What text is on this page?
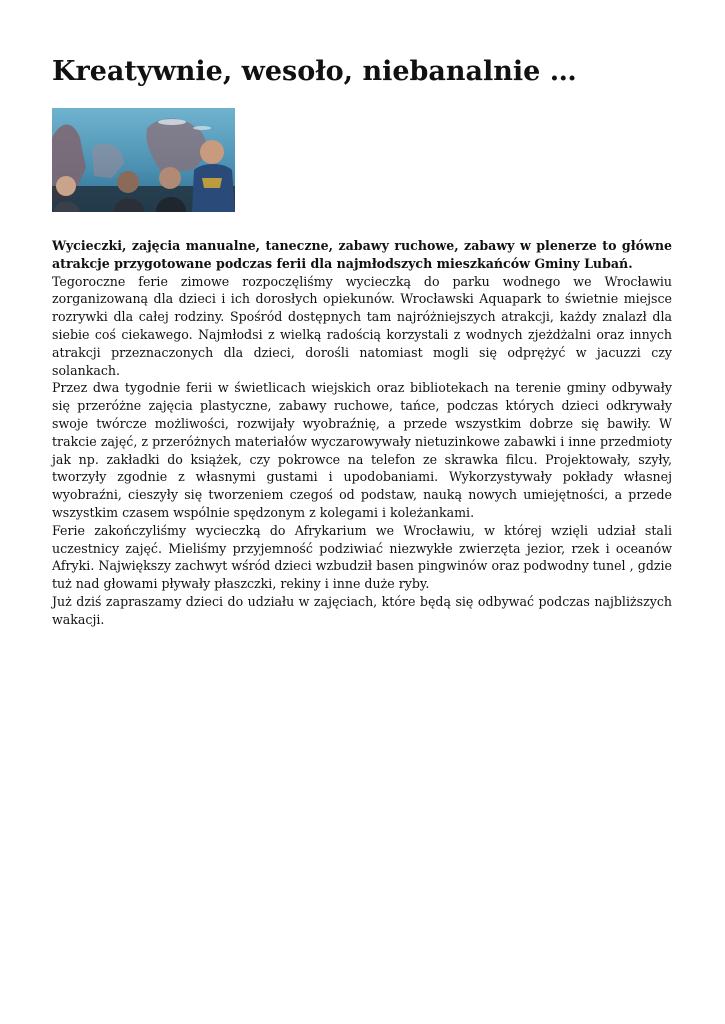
Kreatywnie, wesoło, niebanalnie …

Wycieczki, zajęcia manualne, taneczne, zabawy ruchowe, zabawy w plenerze to główne atrakcje przygotowane podczas ferii dla najmłodszych mieszkańców Gminy Lubań.

Tegoroczne ferie zimowe rozpoczęliśmy wycieczką do parku wodnego we Wrocławiu zorganizowaną dla dzieci i ich dorosłych opiekunów. Wrocławski Aquapark to świetnie miejsce rozrywki dla całej rodziny. Spośród dostępnych tam najróżniejszych atrakcji, każdy znalazł dla siebie coś ciekawego. Najmłodsi z wielką radością korzystali z wodnych zjeżdżalni oraz innych atrakcji przeznaczonych dla dzieci, dorośli natomiast mogli się odprężyć w jacuzzi czy solankach.

Przez dwa tygodnie ferii w świetlicach wiejskich oraz bibliotekach na terenie gminy odbywały się przeróżne zajęcia plastyczne, zabawy ruchowe, tańce, podczas których dzieci odkrywały swoje twórcze możliwości, rozwijały wyobraźnię, a przede wszystkim dobrze się bawiły. W trakcie zajęć, z przeróżnych materiałów wyczarowywały nietuzinkowe zabawki i inne przedmioty jak np. zakładki do książek, czy pokrowce na telefon ze skrawka filcu. Projektowały, szyły, tworzyły zgodnie z własnymi gustami i upodobaniami. Wykorzystywały pokłady własnej wyobraźni, cieszyły się tworzeniem czegoś od podstaw, nauką nowych umiejętności, a przede wszystkim czasem wspólnie spędzonym z kolegami i koleżankami.

Ferie zakończyliśmy wycieczką do Afrykarium we Wrocławiu, w której wzięli udział stali uczestnicy zajęć. Mieliśmy przyjemność podziwiać niezwykłe zwierzęta jezior, rzek i oceanów Afryki. Największy zachwyt wśród dzieci wzbudził basen pingwinów oraz podwodny tunel , gdzie tuż nad głowami pływały płaszczki, rekiny i inne duże ryby.

Już dziś zapraszamy dzieci do udziału w zajęciach, które będą się odbywać podczas najbliższych wakacji.
